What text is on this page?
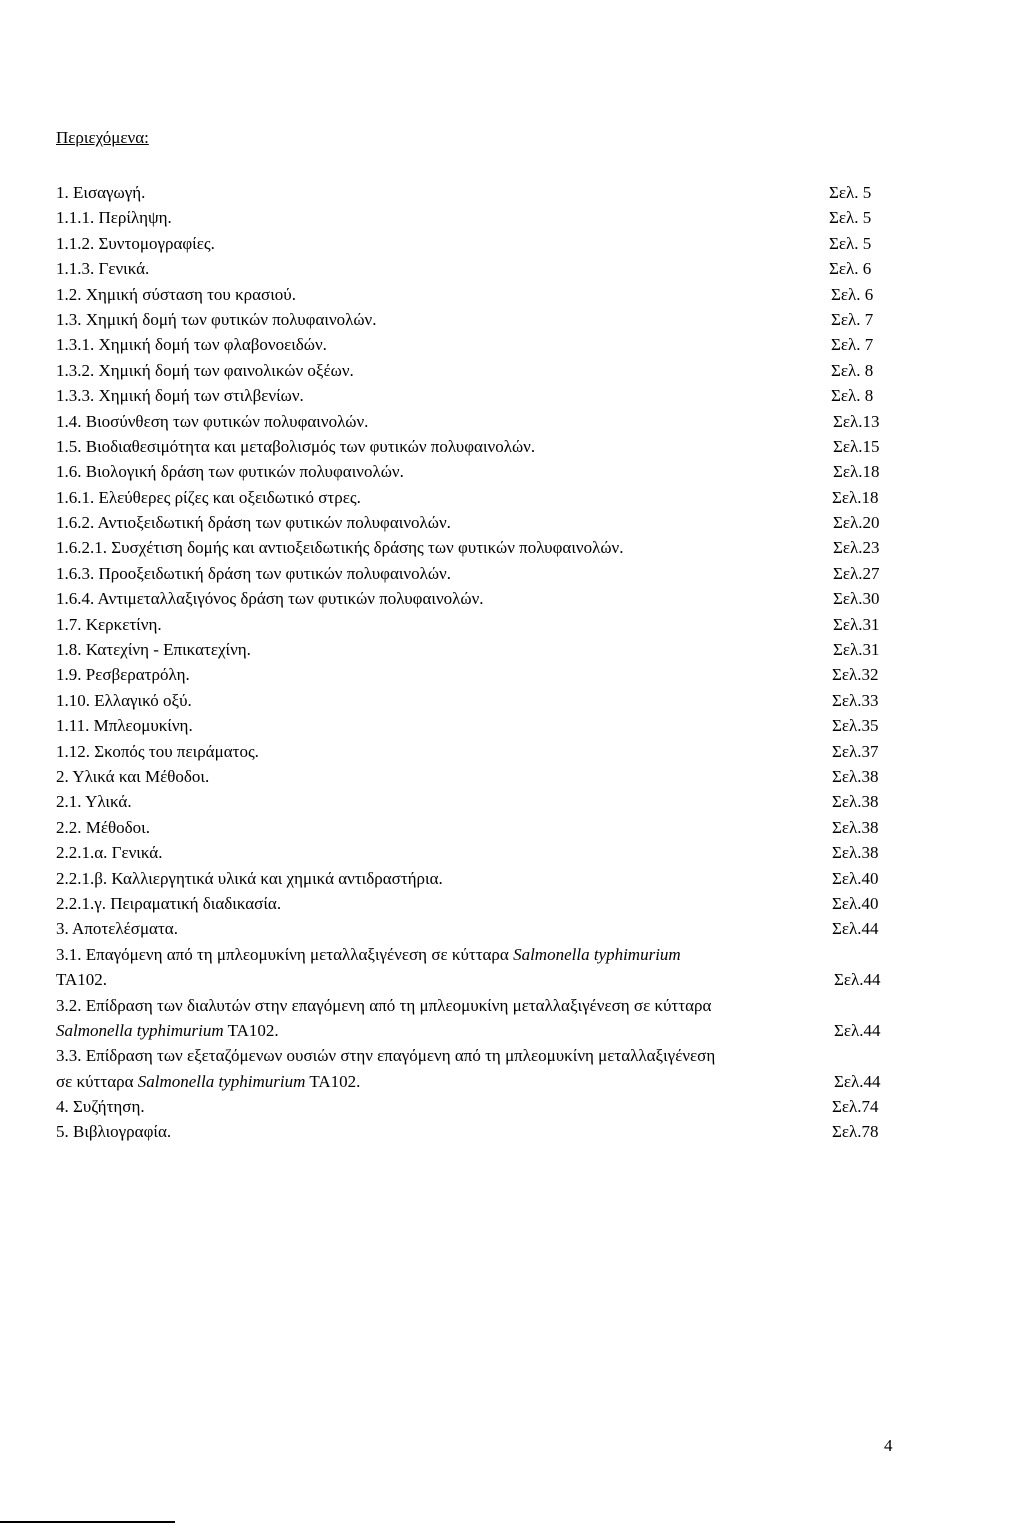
Περιεχόμενα:
1. Εισαγωγή.	Σελ. 5
1.1.1. Περίληψη.	Σελ. 5
1.1.2. Συντομογραφίες.	Σελ. 5
1.1.3. Γενικά.	Σελ. 6
1.2. Χημική σύσταση του κρασιού.	Σελ. 6
1.3. Χημική δομή των φυτικών πολυφαινολών.	Σελ. 7
1.3.1. Χημική δομή των φλαβονοειδών.	Σελ. 7
1.3.2. Χημική δομή των φαινολικών οξέων.	Σελ. 8
1.3.3. Χημική δομή των στιλβενίων.	Σελ. 8
1.4. Βιοσύνθεση των φυτικών πολυφαινολών.	Σελ.13
1.5. Βιοδιαθεσιμότητα και μεταβολισμός των φυτικών πολυφαινολών.	Σελ.15
1.6. Βιολογική δράση των φυτικών πολυφαινολών.	Σελ.18
1.6.1. Ελεύθερες ρίζες και οξειδωτικό στρες.	Σελ.18
1.6.2. Αντιοξειδωτική δράση των φυτικών πολυφαινολών.	Σελ.20
1.6.2.1. Συσχέτιση δομής και αντιοξειδωτικής δράσης των φυτικών πολυφαινολών.	Σελ.23
1.6.3. Προοξειδωτική δράση των φυτικών πολυφαινολών.	Σελ.27
1.6.4. Αντιμεταλλαξιγόνος δράση των φυτικών πολυφαινολών.	Σελ.30
1.7. Κερκετίνη.	Σελ.31
1.8. Κατεχίνη - Επικατεχίνη.	Σελ.31
1.9. Ρεσβερατρόλη.	Σελ.32
1.10. Ελλαγικό οξύ.	Σελ.33
1.11. Μπλεομυκίνη.	Σελ.35
1.12. Σκοπός του πειράματος.	Σελ.37
2. Υλικά και Μέθοδοι.	Σελ.38
2.1. Υλικά.	Σελ.38
2.2. Μέθοδοι.	Σελ.38
2.2.1.α. Γενικά.	Σελ.38
2.2.1.β. Καλλιεργητικά υλικά και χημικά αντιδραστήρια.	Σελ.40
2.2.1.γ. Πειραματική διαδικασία.	Σελ.40
3. Αποτελέσματα.	Σελ.44
3.1. Επαγόμενη από τη μπλεομυκίνη μεταλλαξιγένεση σε κύτταρα Salmonella typhimurium
TA102.	Σελ.44
3.2. Επίδραση των διαλυτών στην επαγόμενη από τη μπλεομυκίνη μεταλλαξιγένεση σε κύτταρα
Salmonella typhimurium TA102.	Σελ.44
3.3. Επίδραση των εξεταζόμενων ουσιών στην επαγόμενη από τη μπλεομυκίνη μεταλλαξιγένεση
σε κύτταρα Salmonella typhimurium TA102.	Σελ.44
4. Συζήτηση.	Σελ.74
5. Βιβλιογραφία.	Σελ.78
4
